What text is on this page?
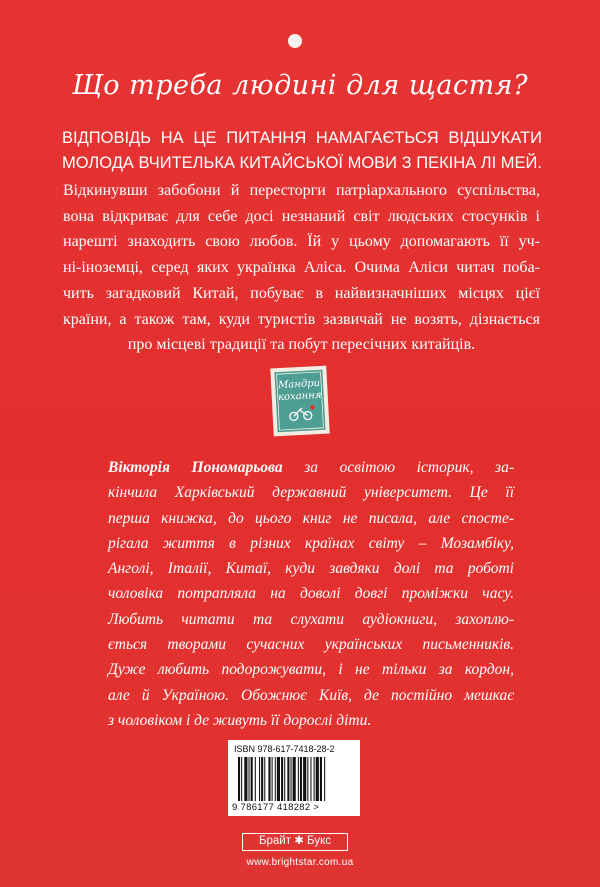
Що треба людині для щастя?
ВІДПОВІДЬ НА ЦЕ ПИТАННЯ НАМАГАЄТЬСЯ ВІДШУКАТИ
МОЛОДА ВЧИТЕЛЬКА КИТАЙСЬКОЇ МОВИ З ПЕКІНА ЛІ МЕЙ.
Відкинувши забобони й пересторги патріархального суспільства,
вона відкриває для себе досі незнаний світ людських стосунків і
нарешті знаходить свою любов. Їй у цьому допомагають її уч-
ні-іноземці, серед яких українка Аліса. Очима Аліси читач поба-
чить загадковий Китай, побуває в найвизначніших місцях цієї
країни, а також там, куди туристів зазвичай не возять, дізнається
про місцеві традиції та побут пересічних китайців.
Мандри
кохання
Вікторія Пономарьова за освітою історик, за-
кінчила Харківський державний університет. Це її
перша книжка, до цього книг не писала, але спосте-
рігала життя в різних країнах світу – Мозамбіку,
Анголі, Італії, Китаї, куди завдяки долі та роботі
чоловіка потрапляла на доволі довгі проміжки часу.
Любить читати та слухати аудіокниги, захоплю-
ється творами сучасних українських письменників.
Дуже любить подорожувати, і не тільки за кордон,
але й Україною. Обожнює Київ, де постійно мешкає
з чоловіком і де живуть її дорослі діти.
ISBN 978-617-7418-28-2
9 786177 418282 >
Брайт ✱ Букс
www.brightstar.com.ua
